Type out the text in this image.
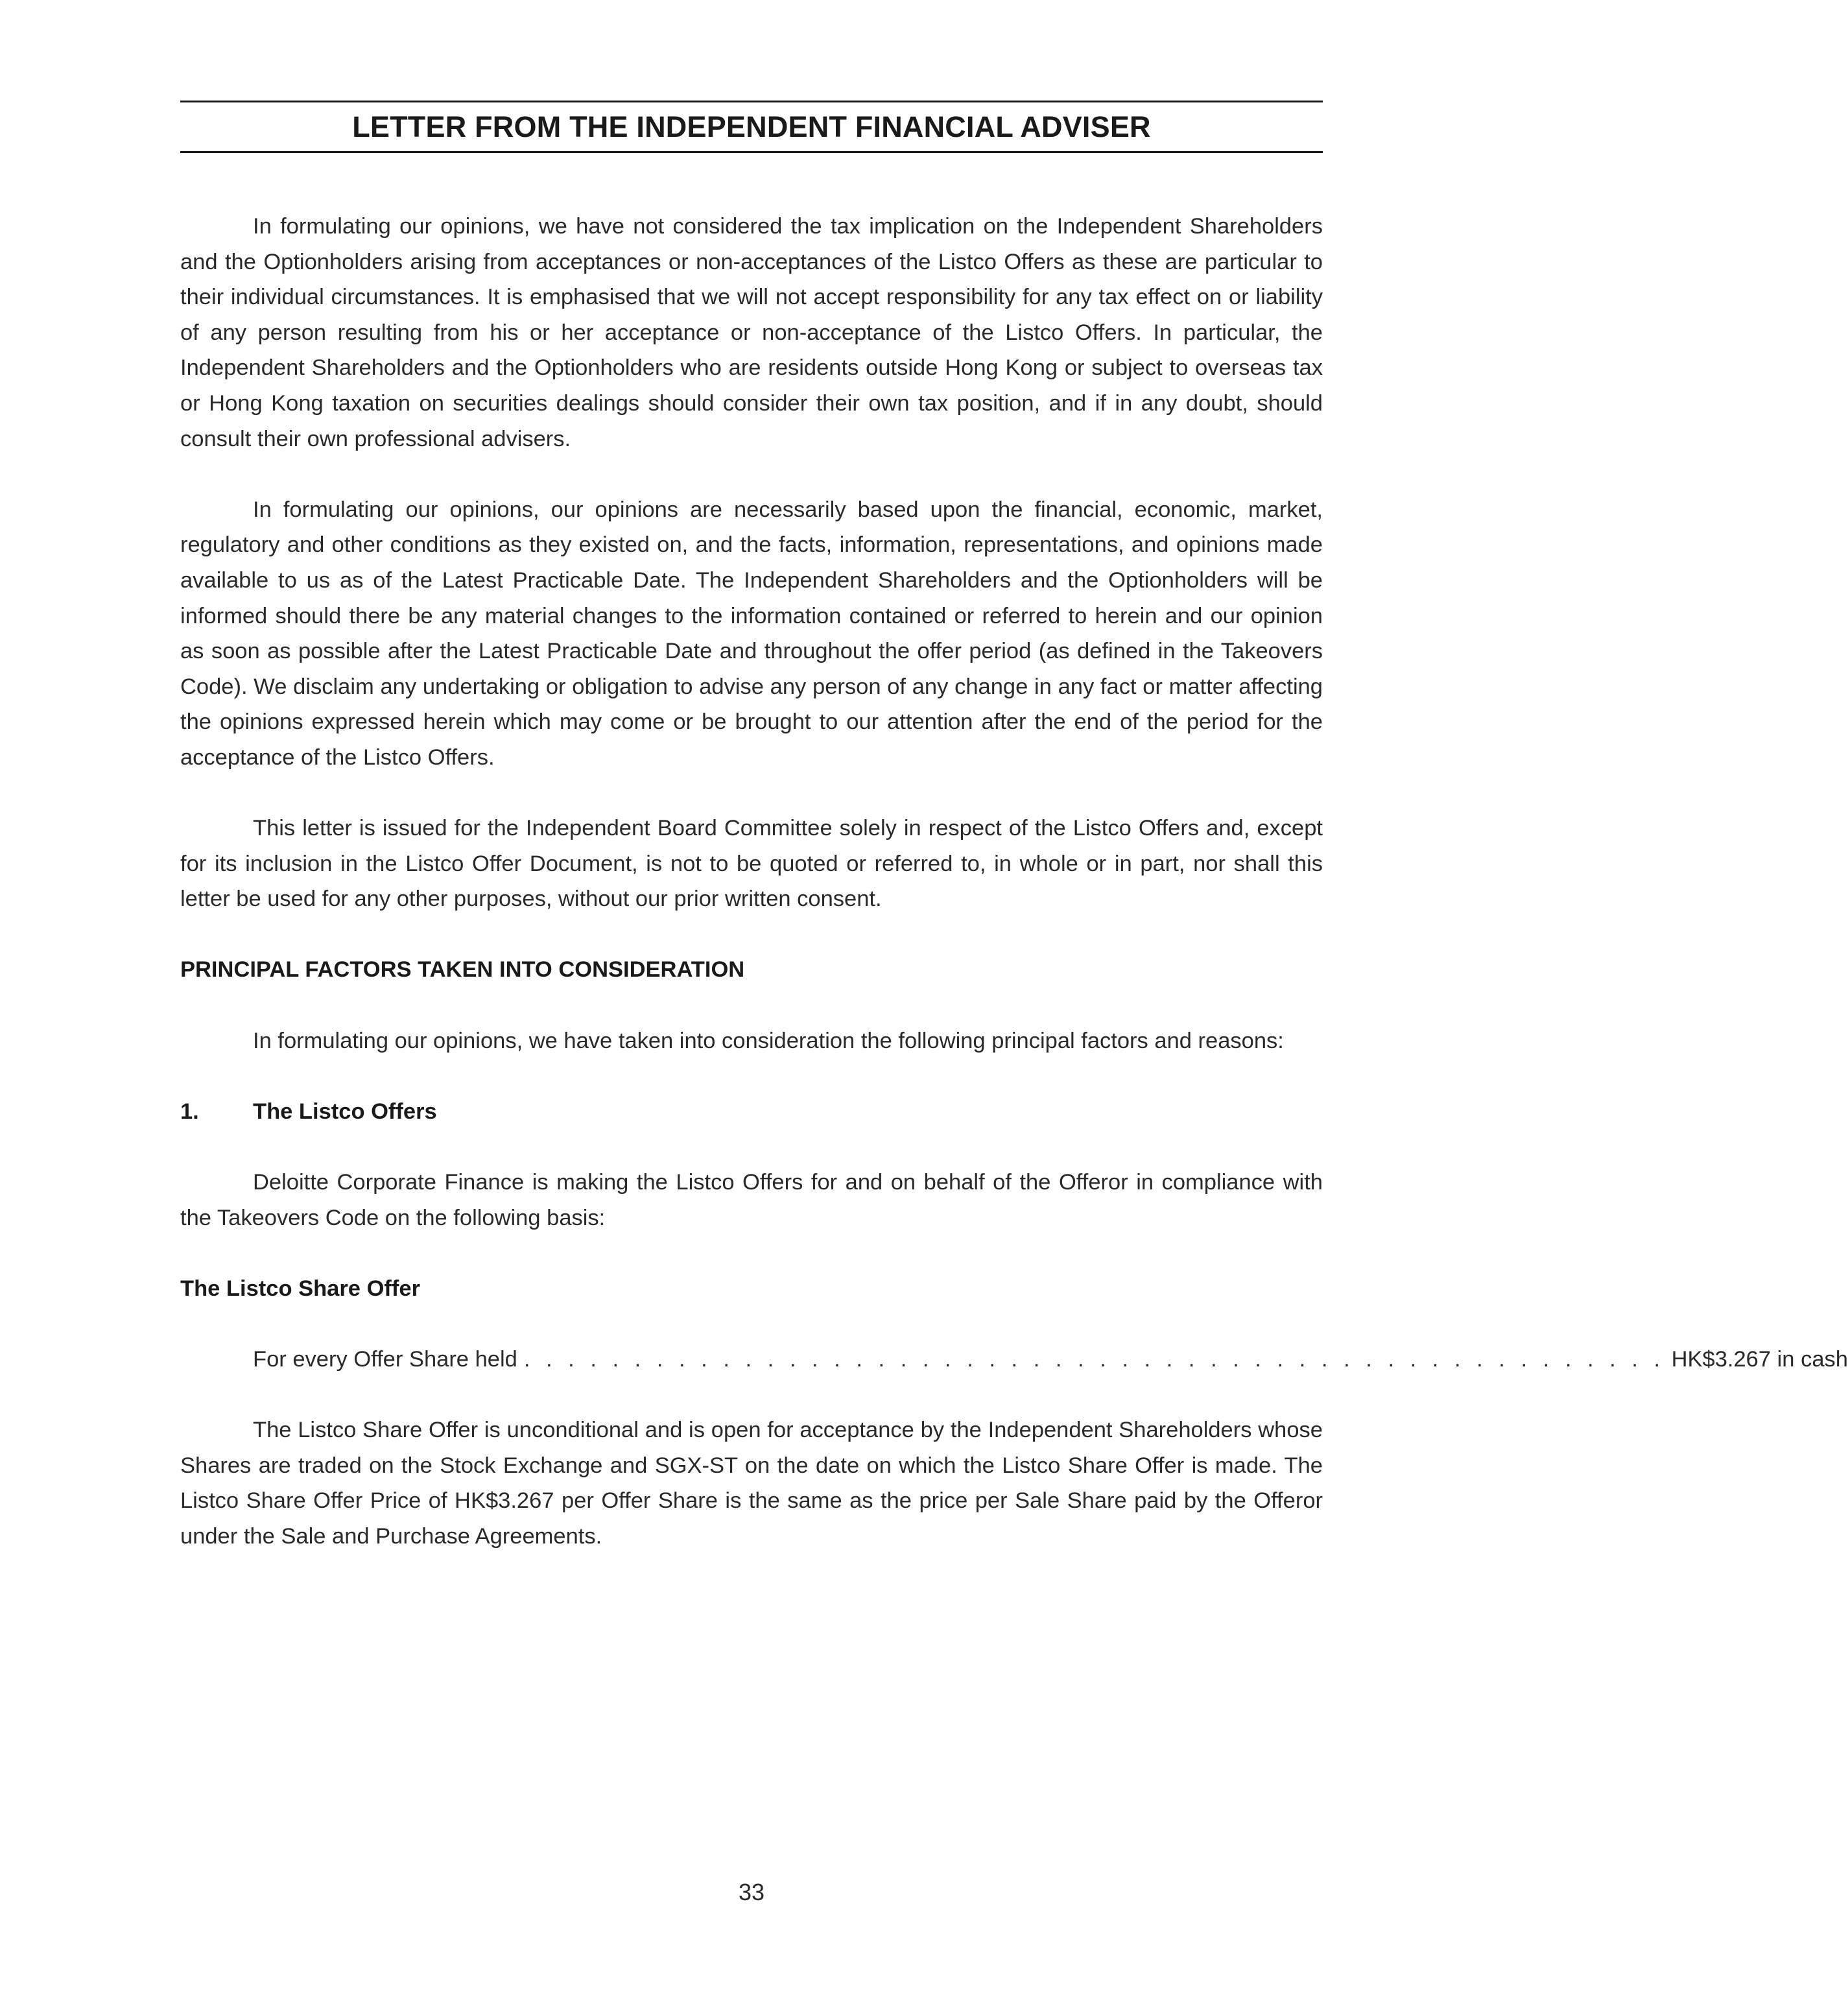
LETTER FROM THE INDEPENDENT FINANCIAL ADVISER

In formulating our opinions, we have not considered the tax implication on the Independent Shareholders and the Optionholders arising from acceptances or non-acceptances of the Listco Offers as these are particular to their individual circumstances. It is emphasised that we will not accept responsibility for any tax effect on or liability of any person resulting from his or her acceptance or non-acceptance of the Listco Offers. In particular, the Independent Shareholders and the Optionholders who are residents outside Hong Kong or subject to overseas tax or Hong Kong taxation on securities dealings should consider their own tax position, and if in any doubt, should consult their own professional advisers.

In formulating our opinions, our opinions are necessarily based upon the financial, economic, market, regulatory and other conditions as they existed on, and the facts, information, representations, and opinions made available to us as of the Latest Practicable Date. The Independent Shareholders and the Optionholders will be informed should there be any material changes to the information contained or referred to herein and our opinion as soon as possible after the Latest Practicable Date and throughout the offer period (as defined in the Takeovers Code). We disclaim any undertaking or obligation to advise any person of any change in any fact or matter affecting the opinions expressed herein which may come or be brought to our attention after the end of the period for the acceptance of the Listco Offers.

This letter is issued for the Independent Board Committee solely in respect of the Listco Offers and, except for its inclusion in the Listco Offer Document, is not to be quoted or referred to, in whole or in part, nor shall this letter be used for any other purposes, without our prior written consent.

PRINCIPAL FACTORS TAKEN INTO CONSIDERATION

In formulating our opinions, we have taken into consideration the following principal factors and reasons:

1.	The Listco Offers

Deloitte Corporate Finance is making the Listco Offers for and on behalf of the Offeror in compliance with the Takeovers Code on the following basis:

The Listco Share Offer
For every Offer Share held . . . . . . . . . . . . . . . . . . . . . . . . . . . . . . . . . . . . . . . . . . . . . . . . . . . . HK$3.267 in cash

The Listco Share Offer is unconditional and is open for acceptance by the Independent Shareholders whose Shares are traded on the Stock Exchange and SGX-ST on the date on which the Listco Share Offer is made. The Listco Share Offer Price of HK$3.267 per Offer Share is the same as the price per Sale Share paid by the Offeror under the Sale and Purchase Agreements.

33
